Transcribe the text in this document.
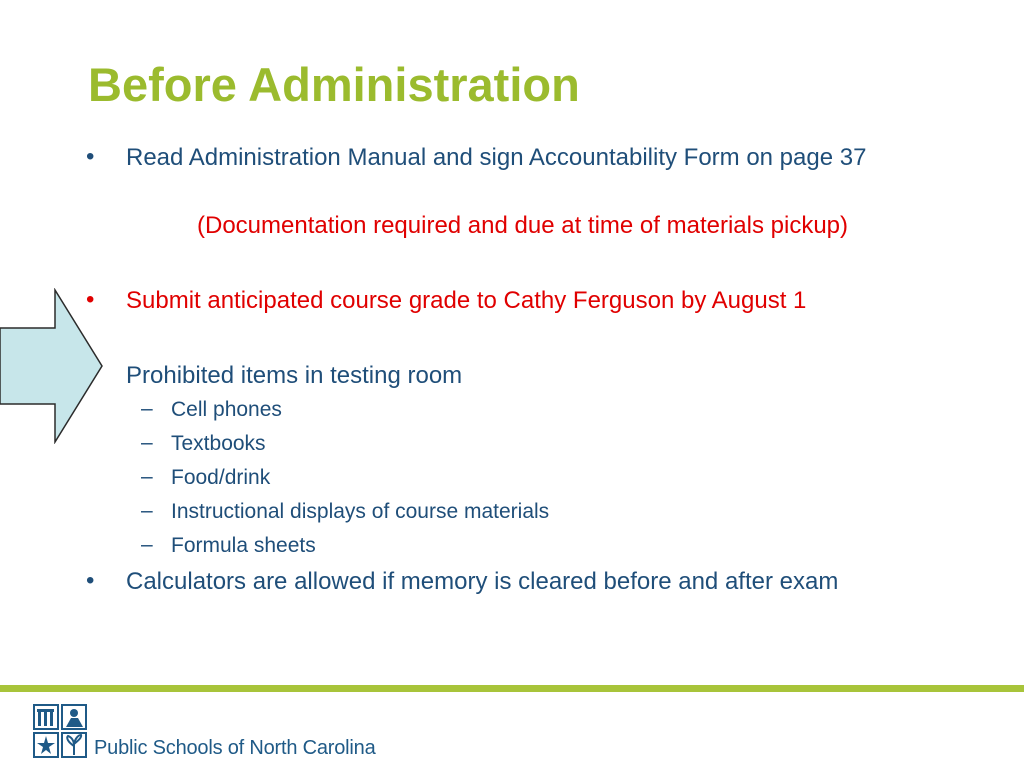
Before Administration
• Read Administration Manual and sign Accountability Form on page 37

(Documentation required and due at time of materials pickup)
• Submit anticipated course grade to Cathy Ferguson by August 1

Prohibited items in testing room

– Cell phones

– Textbooks

– Food/drink

– Instructional displays of course materials

– Formula sheets

• Calculators are allowed if memory is cleared before and after exam

Public Schools of North Carolina
